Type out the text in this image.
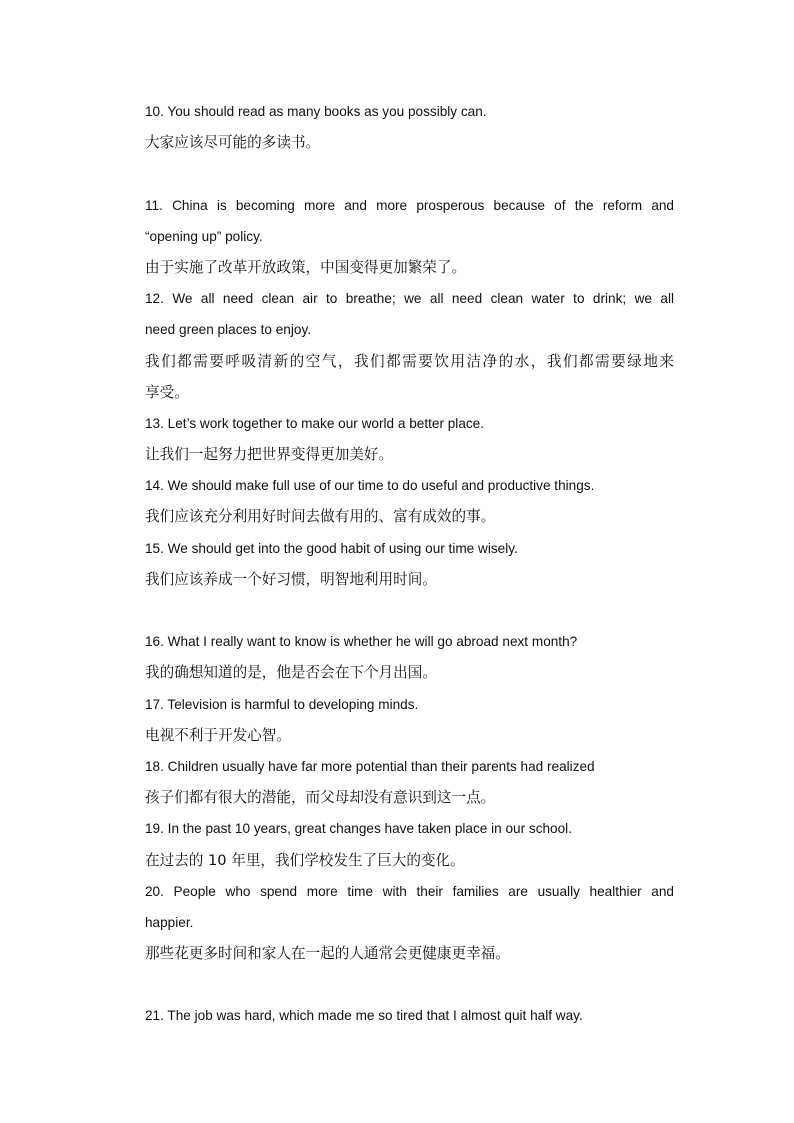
10. You should read as many books as you possibly can.

大家应该尽可能的多读书。

11. China is becoming more and more prosperous because of the reform and

“opening up” policy.

由于实施了改革开放政策，中国变得更加繁荣了。

12. We all need clean air to breathe; we all need clean water to drink; we all

need green places to enjoy.

我们都需要呼吸清新的空气，我们都需要饮用洁净的水，我们都需要绿地来

享受。

13. Let’s work together to make our world a better place.

让我们一起努力把世界变得更加美好。

14. We should make full use of our time to do useful and productive things.

我们应该充分利用好时间去做有用的、富有成效的事。

15. We should get into the good habit of using our time wisely.

我们应该养成一个好习惯，明智地利用时间。

16. What I really want to know is whether he will go abroad next month?

我的确想知道的是，他是否会在下个月出国。

17. Television is harmful to developing minds.

电视不利于开发心智。

18. Children usually have far more potential than their parents had realized

孩子们都有很大的潜能，而父母却没有意识到这一点。

19. In the past 10 years, great changes have taken place in our school.

在过去的 10 年里，我们学校发生了巨大的变化。

20. People who spend more time with their families are usually healthier and

happier.

那些花更多时间和家人在一起的人通常会更健康更幸福。

21. The job was hard, which made me so tired that I almost quit half way.
